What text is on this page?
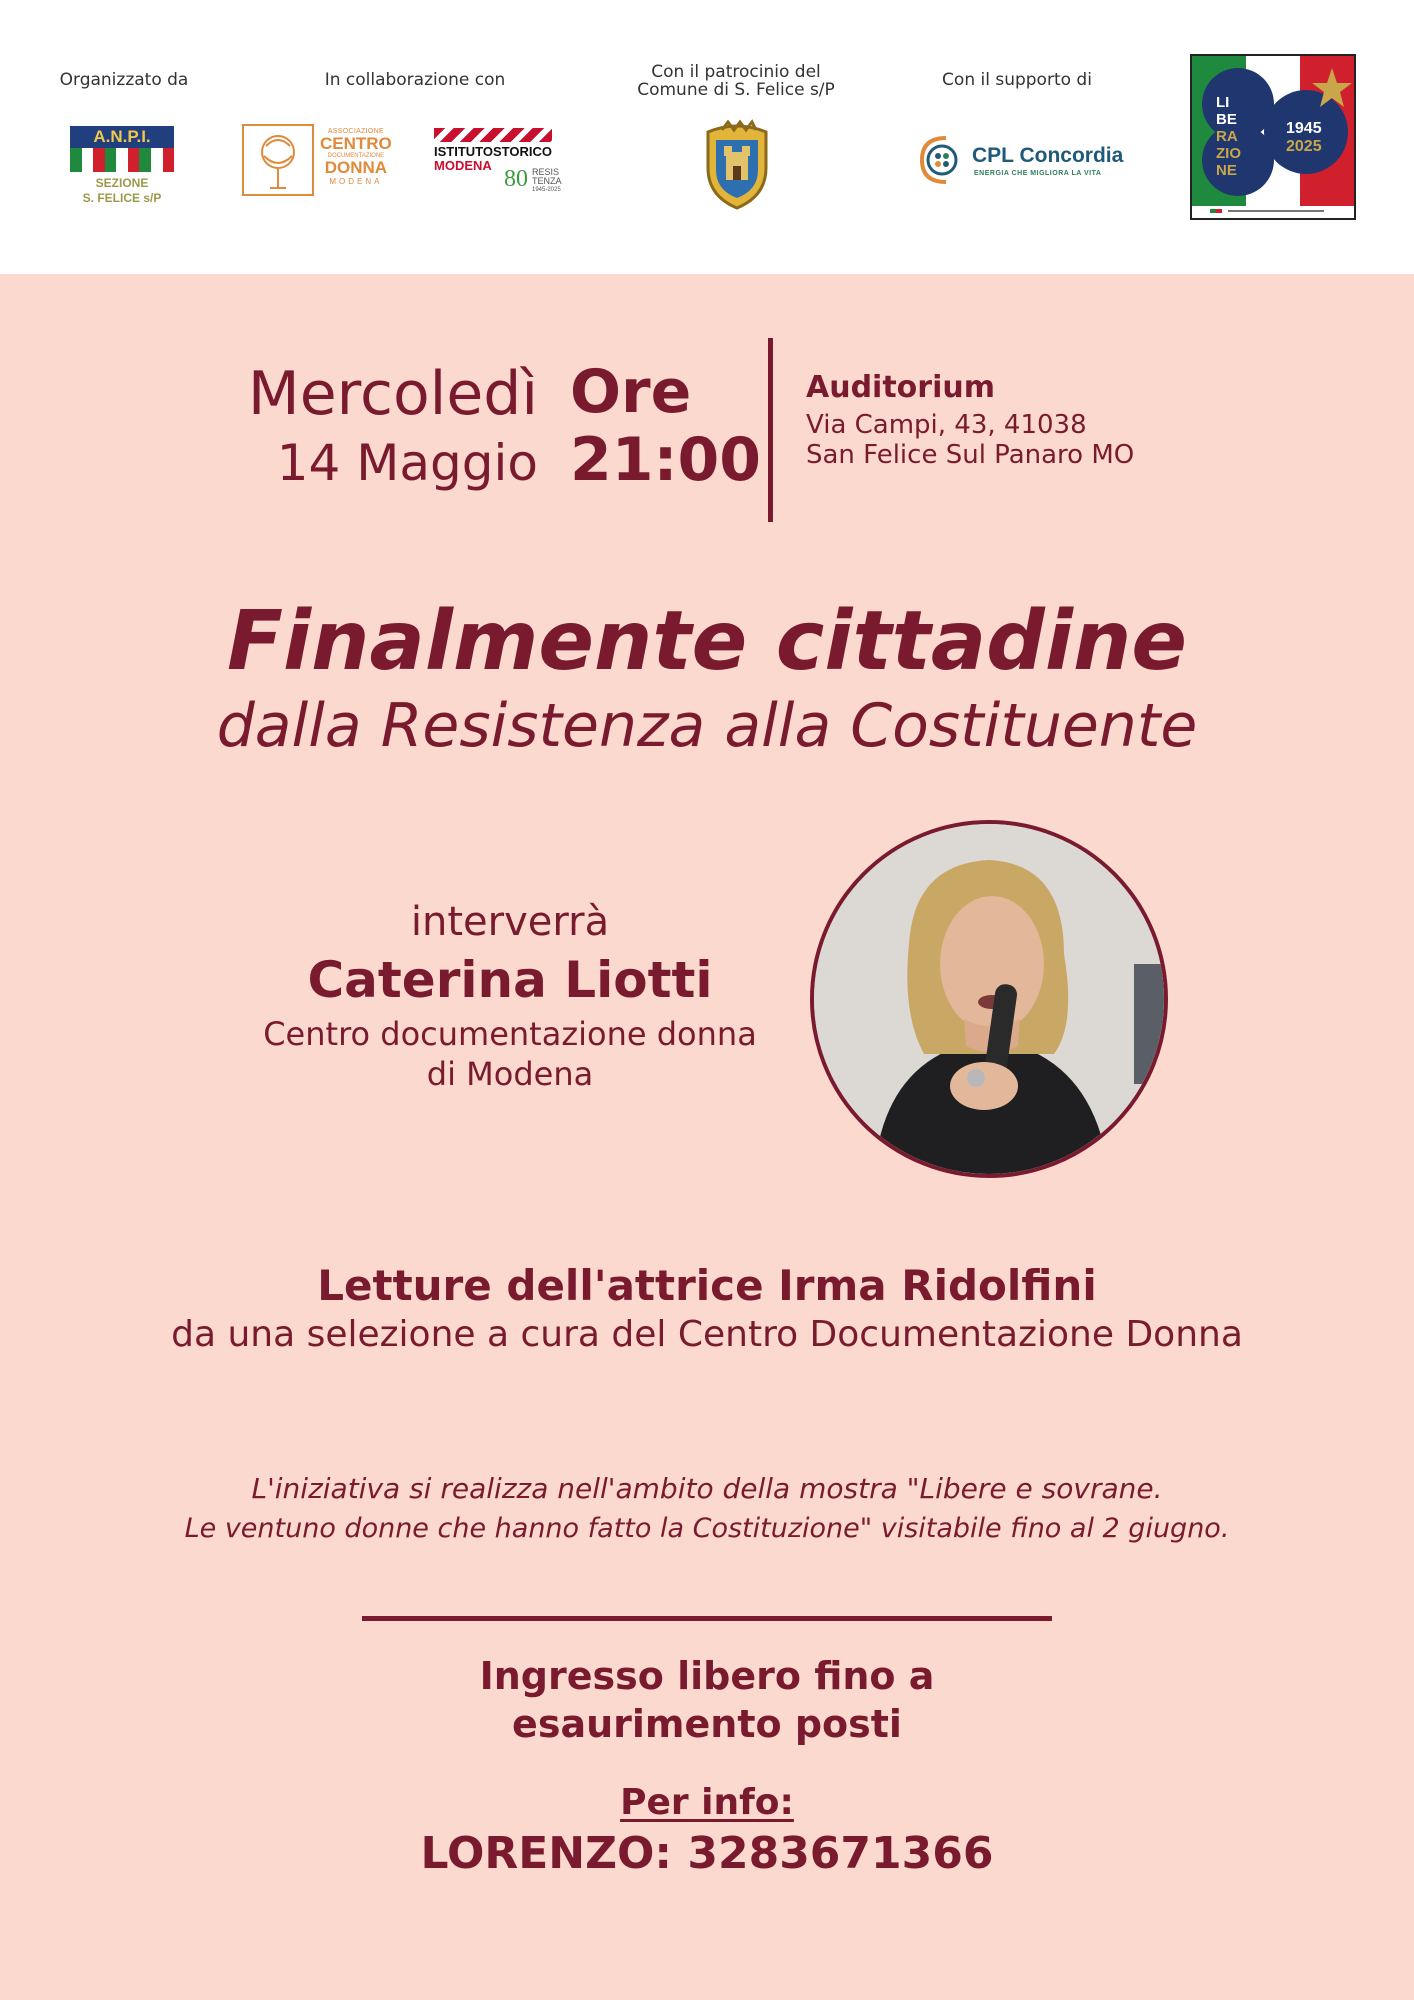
Organizzato da	In collaborazione con	Con il patrocinio del
Comune di S. Felice s/P	Con il supporto di
A.N.P.I.
SEZIONE
S. FELICE s/P
ASSOCIAZIONE
CENTRO
DOCUMENTAZIONE
DONNA
MODENA
ISTITUTOSTORICO
MODENA
80 RESIS
TENZA
1945-2025
CPL Concordia
ENERGIA CHE MIGLIORA LA VITA
LI
BE
RA
ZIO
NE
1945
2025
Mercoledì
14 Maggio
Ore
21:00
Auditorium
Via Campi, 43, 41038
San Felice Sul Panaro MO
Finalmente cittadine
dalla Resistenza alla Costituente
interverrà
Caterina Liotti
Centro documentazione donna
di Modena
Letture dell'attrice Irma Ridolfini
da una selezione a cura del Centro Documentazione Donna
L'iniziativa si realizza nell'ambito della mostra "Libere e sovrane.
Le ventuno donne che hanno fatto la Costituzione" visitabile fino al 2 giugno.
Ingresso libero fino a
esaurimento posti
Per info:
LORENZO: 3283671366
